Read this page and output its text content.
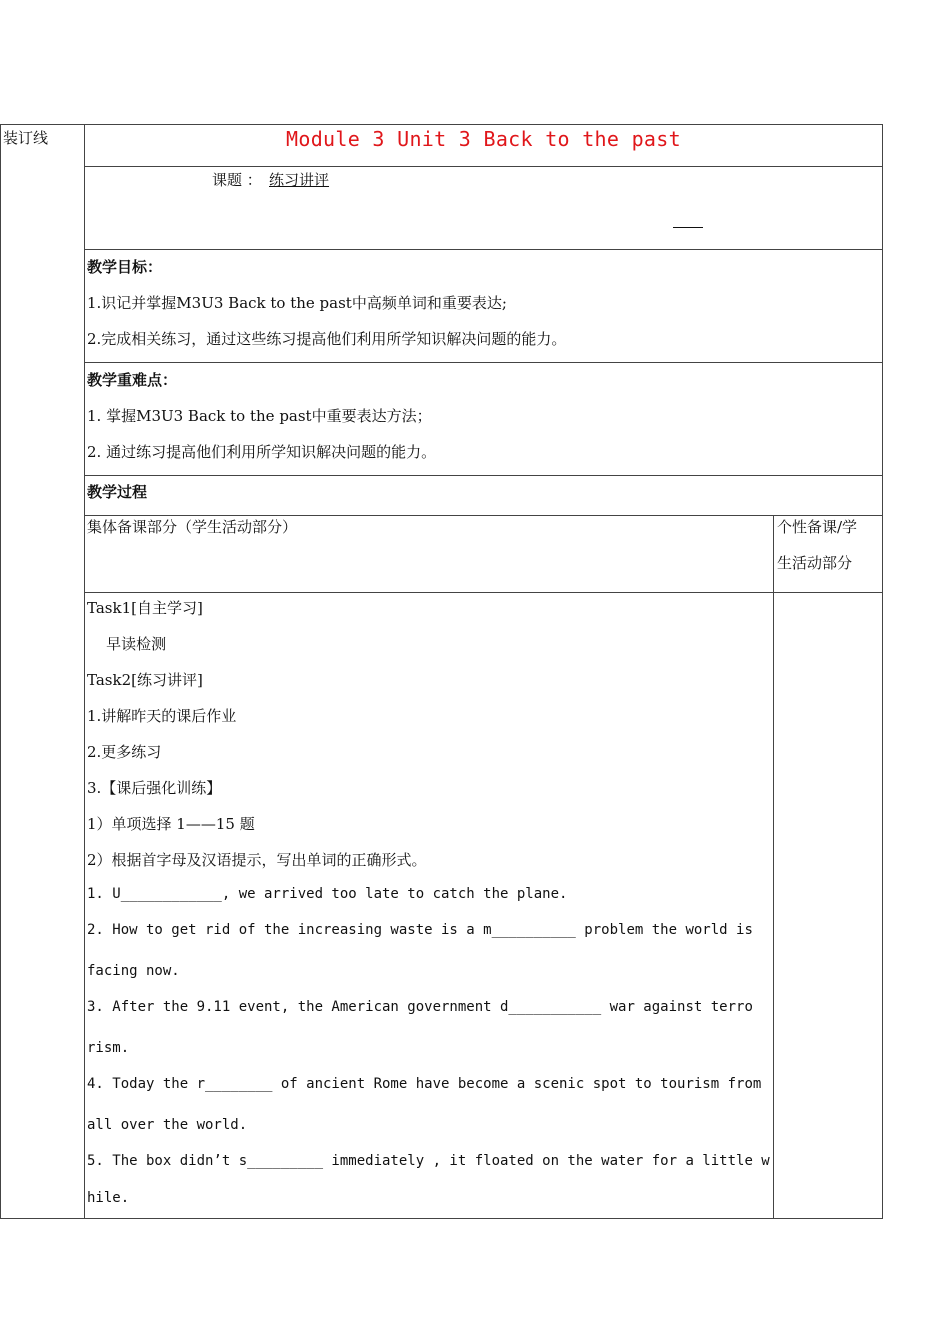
装订线	Module 3 Unit 3 Back to the past
课题 ： 练习讲评
教学目标：
1.识记并掌握M3U3 Back to the past中高频单词和重要表达;
2.完成相关练习，通过这些练习提高他们利用所学知识解决问题的能力。
教学重难点：
1. 掌握M3U3 Back to the past中重要表达方法；
2. 通过练习提高他们利用所学知识解决问题的能力。
教学过程
集体备课部分（学生活动部分）	个性备课/学
生活动部分
Task1[自主学习]
早读检测
Task2[练习讲评]
1.讲解昨天的课后作业
2.更多练习
3.【课后强化训练】
1）单项选择 1——15 题
2）根据首字母及汉语提示，写出单词的正确形式。
1. U____________, we arrived too late to catch the plane.
2. How to get rid of the increasing waste is a m__________ problem the world is
facing now.
3. After the 9.11 event, the American government d___________ war against terro
rism.
4. Today the r________ of ancient Rome have become a scenic spot to tourism from
all over the world.
5. The box didn’t s_________ immediately , it floated on the water for a little w
hile.
